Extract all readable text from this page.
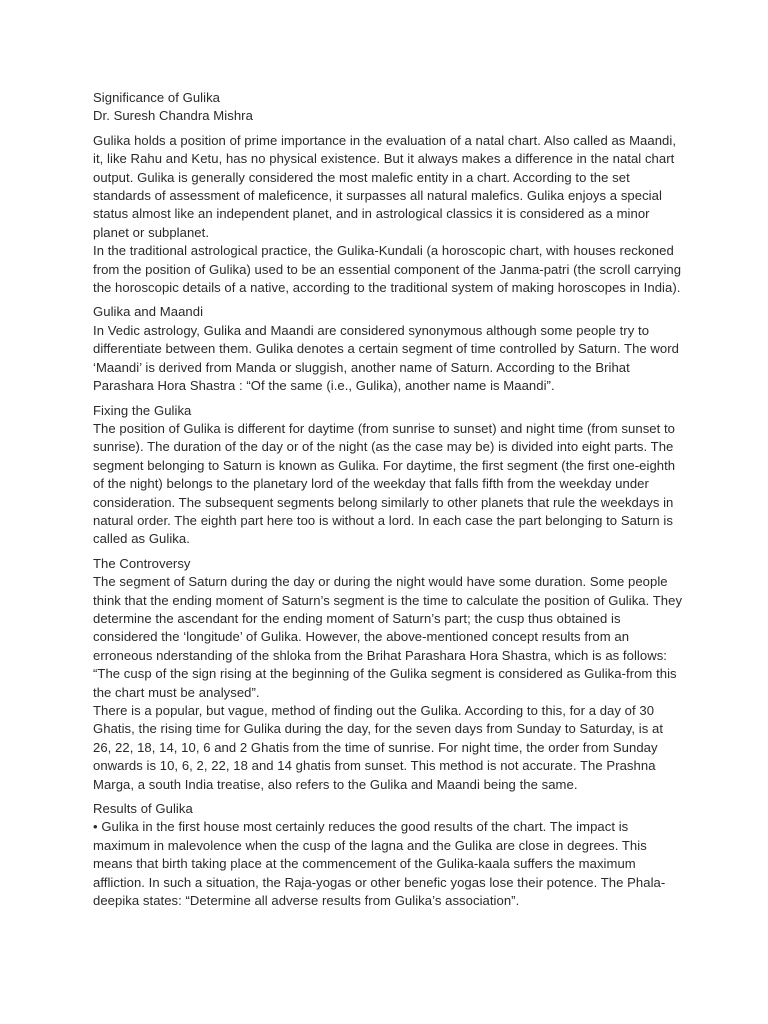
Significance of Gulika

Dr. Suresh Chandra Mishra

Gulika holds a position of prime importance in the evaluation of a natal chart. Also called as Maandi, it, like Rahu and Ketu, has no physical existence. But it always makes a difference in the natal chart output. Gulika is generally considered the most malefic entity in a chart. According to the set standards of assessment of maleficence, it surpasses all natural malefics. Gulika enjoys a special status almost like an independent planet, and in astrological classics it is considered as a minor planet or subplanet.

In the traditional astrological practice, the Gulika-Kundali (a horoscopic chart, with houses reckoned from the position of Gulika) used to be an essential component of the Janma-patri (the scroll carrying the horoscopic details of a native, according to the traditional system of making horoscopes in India).

Gulika and Maandi

In Vedic astrology, Gulika and Maandi are considered synonymous although some people try to differentiate between them. Gulika denotes a certain segment of time controlled by Saturn. The word ‘Maandi’ is derived from Manda or sluggish, another name of Saturn. According to the Brihat Parashara Hora Shastra : “Of the same (i.e., Gulika), another name is Maandi”.

Fixing the Gulika

The position of Gulika is different for daytime (from sunrise to sunset) and night time (from sunset to sunrise). The duration of the day or of the night (as the case may be) is divided into eight parts. The segment belonging to Saturn is known as Gulika. For daytime, the first segment (the first one-eighth of the night) belongs to the planetary lord of the weekday that falls fifth from the weekday under consideration. The subsequent segments belong similarly to other planets that rule the weekdays in natural order. The eighth part here too is without a lord. In each case the part belonging to Saturn is called as Gulika.

The Controversy

The segment of Saturn during the day or during the night would have some duration. Some people think that the ending moment of Saturn’s segment is the time to calculate the position of Gulika. They determine the ascendant for the ending moment of Saturn’s part; the cusp thus obtained is considered the ‘longitude’ of Gulika. However, the above-mentioned concept results from an erroneous nderstanding of the shloka from the Brihat Parashara Hora Shastra, which is as follows: “The cusp of the sign rising at the beginning of the Gulika segment is considered as Gulika-from this the chart must be analysed”.

There is a popular, but vague, method of finding out the Gulika. According to this, for a day of 30 Ghatis, the rising time for Gulika during the day, for the seven days from Sunday to Saturday, is at 26, 22, 18, 14, 10, 6 and 2 Ghatis from the time of sunrise. For night time, the order from Sunday onwards is 10, 6, 2, 22, 18 and 14 ghatis from sunset. This method is not accurate. The Prashna Marga, a south India treatise, also refers to the Gulika and Maandi being the same.

Results of Gulika

• Gulika in the first house most certainly reduces the good results of the chart. The impact is maximum in malevolence when the cusp of the lagna and the Gulika are close in degrees. This means that birth taking place at the commencement of the Gulika-kaala suffers the maximum affliction. In such a situation, the Raja-yogas or other benefic yogas lose their potence. The Phala-deepika states: “Determine all adverse results from Gulika’s association”.
